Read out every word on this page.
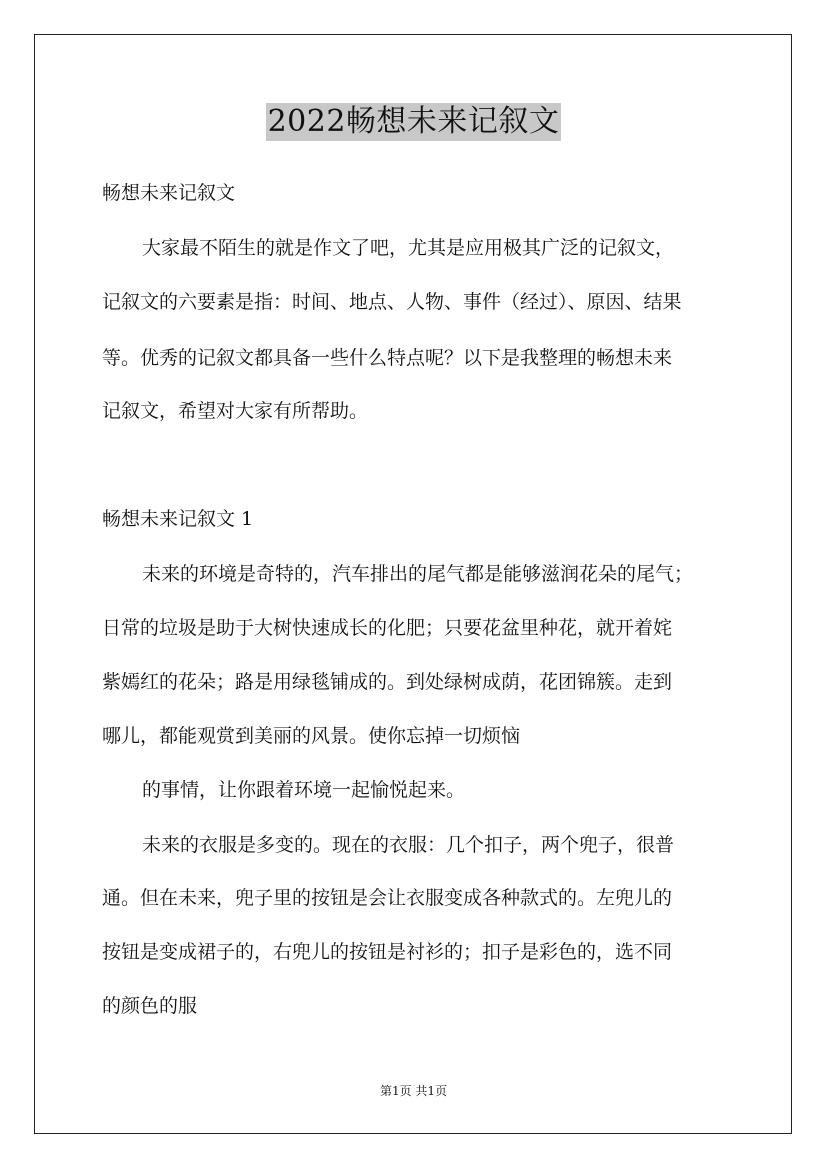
2022畅想未来记叙文
畅想未来记叙文
大家最不陌生的就是作文了吧，尤其是应用极其广泛的记叙文，
记叙文的六要素是指：时间、地点、人物、事件（经过）、原因、结果
等。优秀的记叙文都具备一些什么特点呢？以下是我整理的畅想未来
记叙文，希望对大家有所帮助。
畅想未来记叙文 1
未来的环境是奇特的，汽车排出的尾气都是能够滋润花朵的尾气；
日常的垃圾是助于大树快速成长的化肥；只要花盆里种花，就开着姹
紫嫣红的花朵；路是用绿毯铺成的。到处绿树成荫，花团锦簇。走到
哪儿，都能观赏到美丽的风景。使你忘掉一切烦恼
的事情，让你跟着环境一起愉悦起来。
未来的衣服是多变的。现在的衣服：几个扣子，两个兜子，很普
通。但在未来，兜子里的按钮是会让衣服变成各种款式的。左兜儿的
按钮是变成裙子的，右兜儿的按钮是衬衫的；扣子是彩色的，选不同
的颜色的服
第1页 共1页
